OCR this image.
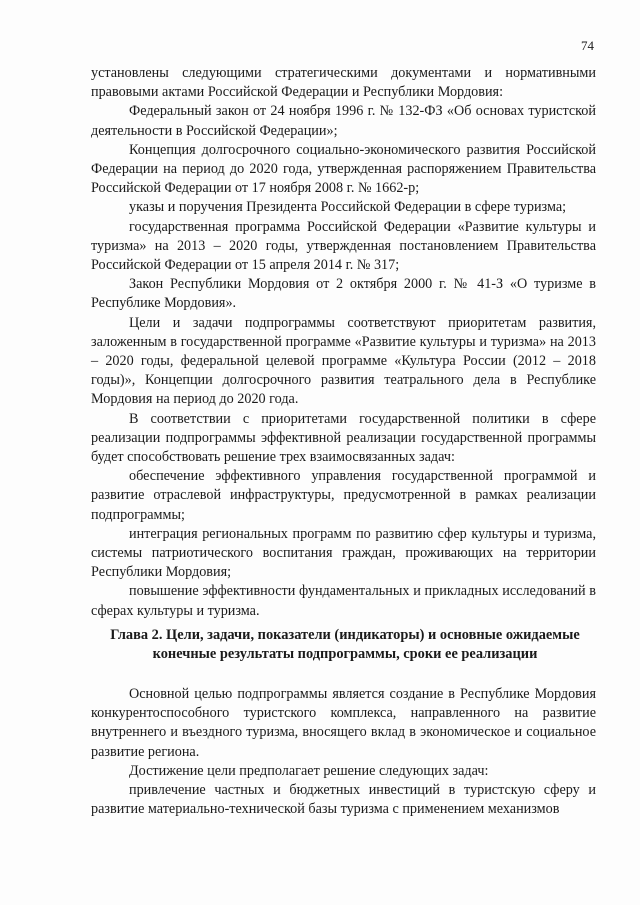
74

установлены следующими стратегическими документами и нормативными правовыми актами Российской Федерации и Республики Мордовия:

Федеральный закон от 24 ноября 1996 г. № 132-ФЗ «Об основах туристской деятельности в Российской Федерации»;

Концепция долгосрочного социально-экономического развития Российской Федерации на период до 2020 года, утвержденная распоряжением Правительства Российской Федерации от 17 ноября 2008 г. № 1662-р;

указы и поручения Президента Российской Федерации в сфере туризма;

государственная программа Российской Федерации «Развитие культуры и туризма» на 2013 – 2020 годы, утвержденная постановлением Правительства Российской Федерации от 15 апреля 2014 г. № 317;

Закон Республики Мордовия от 2 октября 2000 г. № 41-З «О туризме в Республике Мордовия».

Цели и задачи подпрограммы соответствуют приоритетам развития, заложенным в государственной программе «Развитие культуры и туризма» на 2013 – 2020 годы, федеральной целевой программе «Культура России (2012 – 2018 годы)», Концепции долгосрочного развития театрального дела в Республике Мордовия на период до 2020 года.

В соответствии с приоритетами государственной политики в сфере реализации подпрограммы эффективной реализации государственной программы будет способствовать решение трех взаимосвязанных задач:

обеспечение эффективного управления государственной программой и развитие отраслевой инфраструктуры, предусмотренной в рамках реализации подпрограммы;

интеграция региональных программ по развитию сфер культуры и туризма, системы патриотического воспитания граждан, проживающих на территории Республики Мордовия;

повышение эффективности фундаментальных и прикладных исследований в сферах культуры и туризма.

Глава 2. Цели, задачи, показатели (индикаторы) и основные ожидаемые конечные результаты подпрограммы, сроки ее реализации

Основной целью подпрограммы является создание в Республике Мордовия конкурентоспособного туристского комплекса, направленного на развитие внутреннего и въездного туризма, вносящего вклад в экономическое и социальное развитие региона.

Достижение цели предполагает решение следующих задач:

привлечение частных и бюджетных инвестиций в туристскую сферу и развитие материально-технической базы туризма с применением механизмов
